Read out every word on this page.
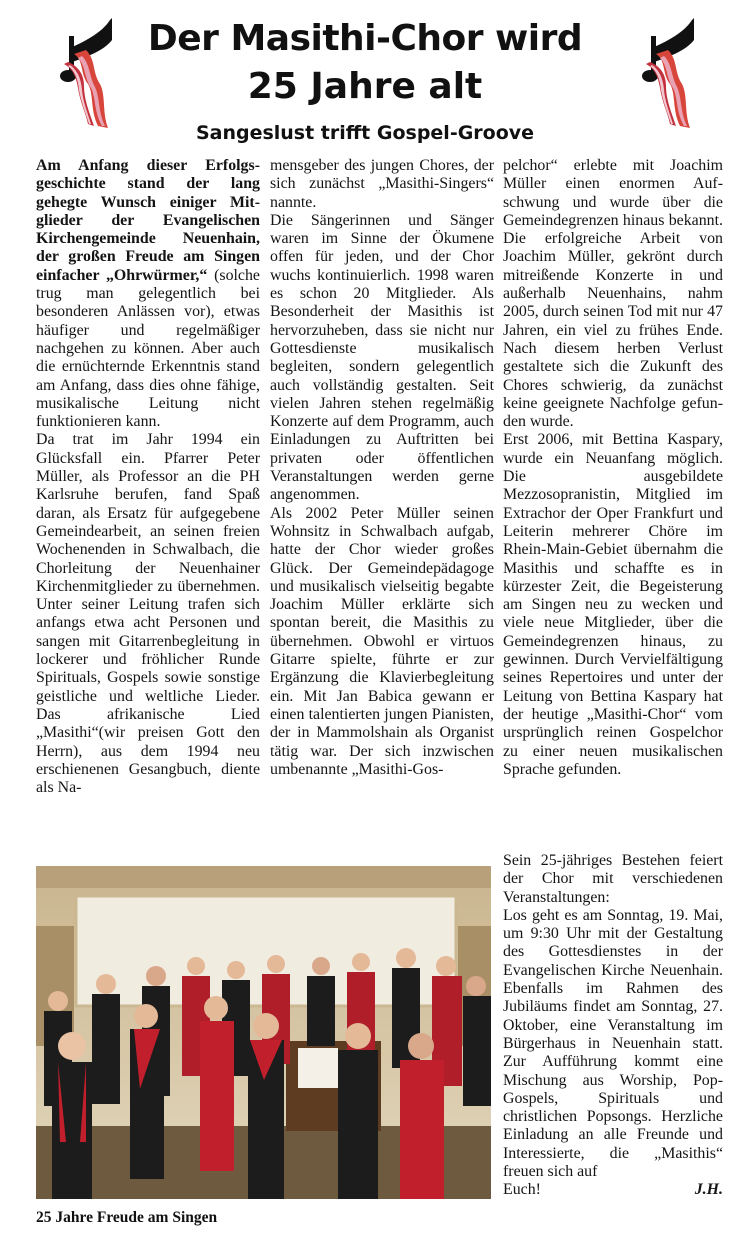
Der Masithi-Chor wird
25 Jahre alt
Sangeslust trifft Gospel-Groove

Am Anfang dieser Erfolgsgeschichte stand der lang gehegte Wunsch einiger Mitglieder der Evangelischen Kirchengemeinde Neuenhain, der großen Freude am Singen einfacher „Ohrwürmer,“ (solche trug man gelegentlich bei besonderen Anlässen vor), etwas häufiger und regelmäßiger nachgehen zu können. Aber auch die ernüchternde Erkenntnis stand am Anfang, dass dies ohne fähige, musikalische Leitung nicht funktionieren kann.

Da trat im Jahr 1994 ein Glücksfall ein. Pfarrer Peter Müller, als Professor an die PH Karlsruhe berufen, fand Spaß daran, als Ersatz für aufgegebene Gemeindearbeit, an seinen freien Wochenenden in Schwalbach, die Chorleitung der Neuenhainer Kirchenmitglieder zu übernehmen. Unter seiner Leitung trafen sich anfangs etwa acht Personen und sangen mit Gitarrenbegleitung in lockerer und fröhlicher Runde Spirituals, Gospels sowie sonstige geistliche und weltliche Lieder. Das afrikanische Lied „Masithi“(wir preisen Gott den Herrn), aus dem 1994 neu erschienenen Gesangbuch, diente als Na-

mensgeber des jungen Chores, der sich zunächst „Masithi-Singers“ nannte.

Die Sängerinnen und Sänger waren im Sinne der Ökumene offen für jeden, und der Chor wuchs kontinuierlich. 1998 waren es schon 20 Mitglieder. Als Besonderheit der Masithis ist hervorzuheben, dass sie nicht nur Gottesdienste musikalisch begleiten, sondern gelegentlich auch vollständig gestalten. Seit vielen Jahren stehen regelmäßig Konzerte auf dem Programm, auch Einladungen zu Auftritten bei privaten oder öffentlichen Veranstaltungen werden gerne angenommen.

Als 2002 Peter Müller seinen Wohnsitz in Schwalbach aufgab, hatte der Chor wieder großes Glück. Der Gemeindepädagoge und musikalisch vielseitig begabte Joachim Müller erklärte sich spontan bereit, die Masithis zu übernehmen. Obwohl er virtuos Gitarre spielte, führte er zur Ergänzung die Klavierbegleitung ein. Mit Jan Babica gewann er einen talentierten jungen Pianisten, der in Mammolshain als Organist tätig war. Der sich inzwischen umbenannte „Masithi-Gos-

pelchor“ erlebte mit Joachim Müller einen enormen Aufschwung und wurde über die Gemeindegrenzen hinaus bekannt. Die erfolgreiche Arbeit von Joachim Müller, gekrönt durch mitreißende Konzerte in und außerhalb Neuenhains, nahm 2005, durch seinen Tod mit nur 47 Jahren, ein viel zu frühes Ende. Nach diesem herben Verlust gestaltete sich die Zukunft des Chores schwierig, da zunächst keine geeignete Nachfolge gefunden wurde.

Erst 2006, mit Bettina Kaspary, wurde ein Neuanfang möglich. Die ausgebildete Mezzosopranistin, Mitglied im Extrachor der Oper Frankfurt und Leiterin mehrerer Chöre im Rhein-Main-Gebiet übernahm die Masithis und schaffte es in kürzester Zeit, die Begeisterung am Singen neu zu wecken und viele neue Mitglieder, über die Gemeindegrenzen hinaus, zu gewinnen. Durch Vervielfältigung seines Repertoires und unter der Leitung von Bettina Kaspary hat der heutige „Masithi-Chor“ vom ursprünglich reinen Gospelchor zu einer neuen musikalischen Sprache gefunden.

Sein 25-jähriges Bestehen feiert der Chor mit verschiedenen Veranstaltungen:

Los geht es am Sonntag, 19. Mai, um 9:30 Uhr mit der Gestaltung des Gottesdienstes in der Evangelischen Kirche Neuenhain. Ebenfalls im Rahmen des Jubiläums findet am Sonntag, 27. Oktober, eine Veranstaltung im Bürgerhaus in Neuenhain statt. Zur Aufführung kommt eine Mischung aus Worship, Pop-Gospels, Spirituals und christlichen Popsongs. Herzliche Einladung an alle Freunde und Interessierte, die „Masithis“ freuen sich auf

Euch!	J.H.
25 Jahre Freude am Singen
